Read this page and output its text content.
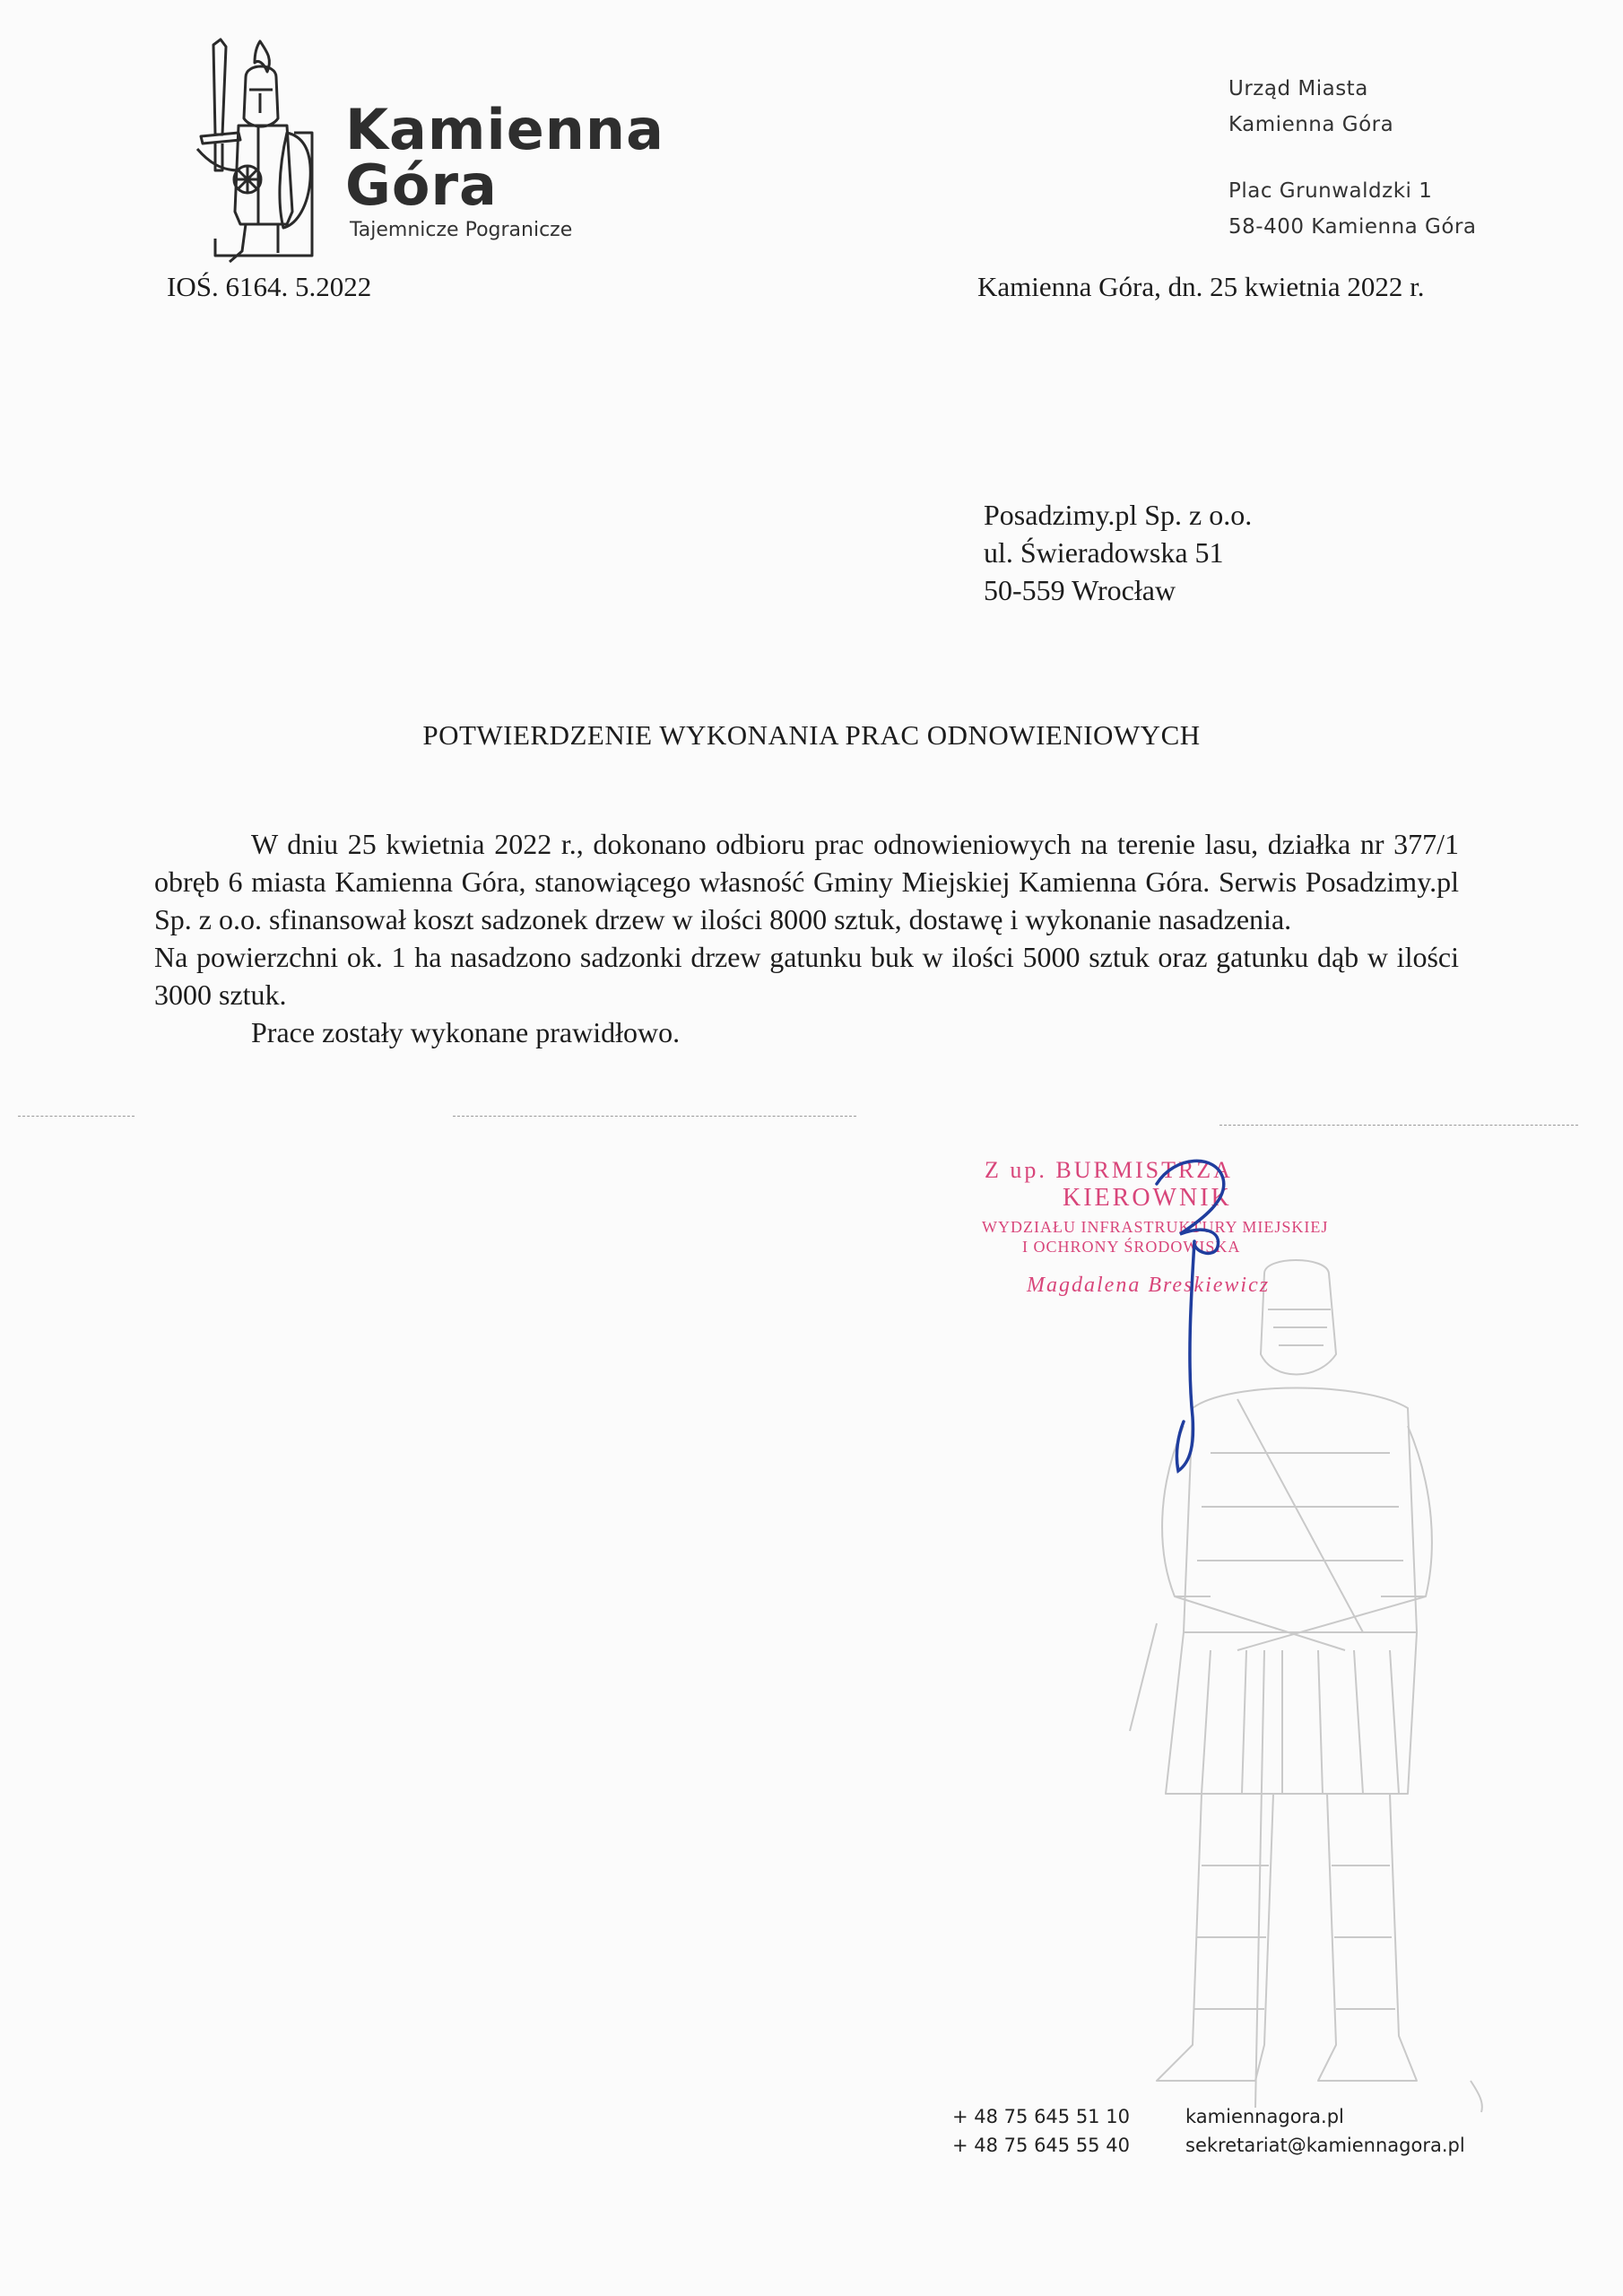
Kamienna
Góra
Tajemnicze Pogranicze
Urząd Miasta
Kamienna Góra
Plac Grunwaldzki 1
58-400 Kamienna Góra
IOŚ. 6164. 5.2022	Kamienna Góra, dn. 25 kwietnia 2022 r.
Posadzimy.pl Sp. z o.o.
ul. Świeradowska 51
50-559 Wrocław
POTWIERDZENIE WYKONANIA PRAC ODNOWIENIOWYCH

W dniu 25 kwietnia 2022 r., dokonano odbioru prac odnowieniowych na terenie lasu, działka nr 377/1 obręb 6 miasta Kamienna Góra, stanowiącego własność Gminy Miejskiej Kamienna Góra. Serwis Posadzimy.pl Sp. z o.o. sfinansował koszt sadzonek drzew w ilości 8000 sztuk, dostawę i wykonanie nasadzenia.

Na powierzchni ok. 1 ha nasadzono sadzonki drzew gatunku buk w ilości 5000 sztuk oraz gatunku dąb w ilości 3000 sztuk.

Prace zostały wykonane prawidłowo.

Z up. BURMISTRZA
KIEROWNIK
WYDZIAŁU INFRASTRUKTURY MIEJSKIEJ
I OCHRONY ŚRODOWISKA
Magdalena Breskiewicz
+ 48 75 645 51 10
+ 48 75 645 55 40
kamiennagora.pl
sekretariat@kamiennagora.pl
